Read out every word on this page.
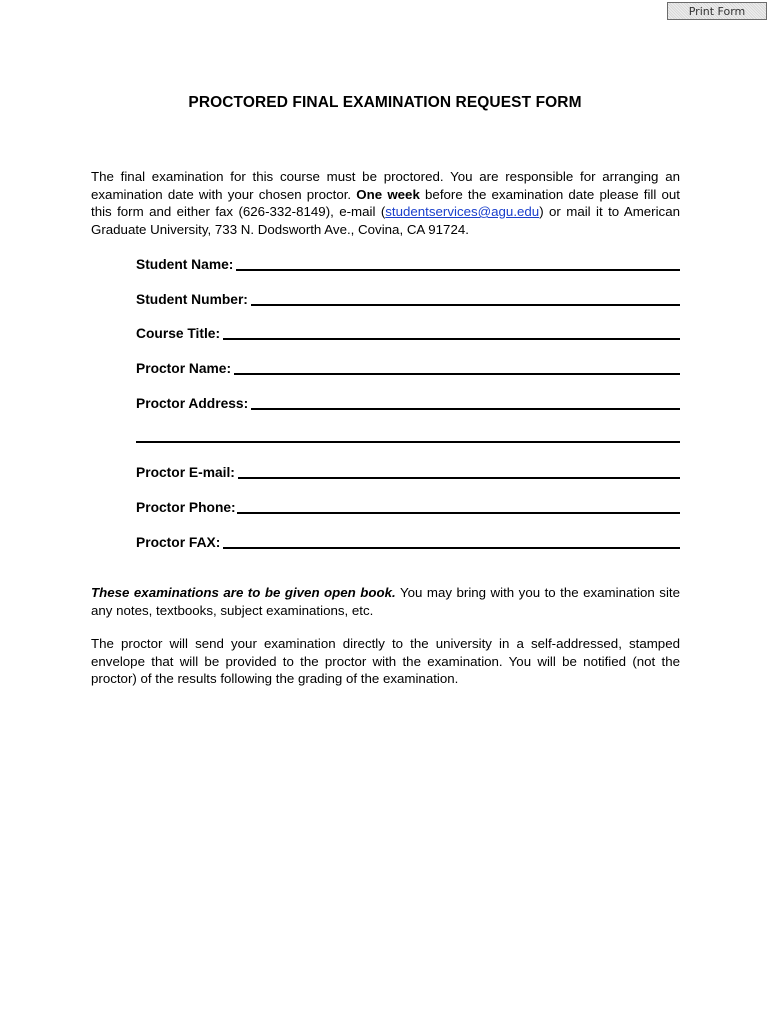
Print Form
PROCTORED FINAL EXAMINATION REQUEST FORM
The final examination for this course must be proctored. You are responsible for arranging an examination date with your chosen proctor. One week before the examination date please fill out this form and either fax (626-332-8149), e-mail (studentservices@agu.edu) or mail it to American Graduate University, 733 N. Dodsworth Ave., Covina, CA 91724.
Student Name:
Student Number:
Course Title:
Proctor Name:
Proctor Address:
Proctor E-mail:
Proctor Phone:
Proctor FAX:
These examinations are to be given open book. You may bring with you to the examination site any notes, textbooks, subject examinations, etc.
The proctor will send your examination directly to the university in a self-addressed, stamped envelope that will be provided to the proctor with the examination. You will be notified (not the proctor) of the results following the grading of the examination.
